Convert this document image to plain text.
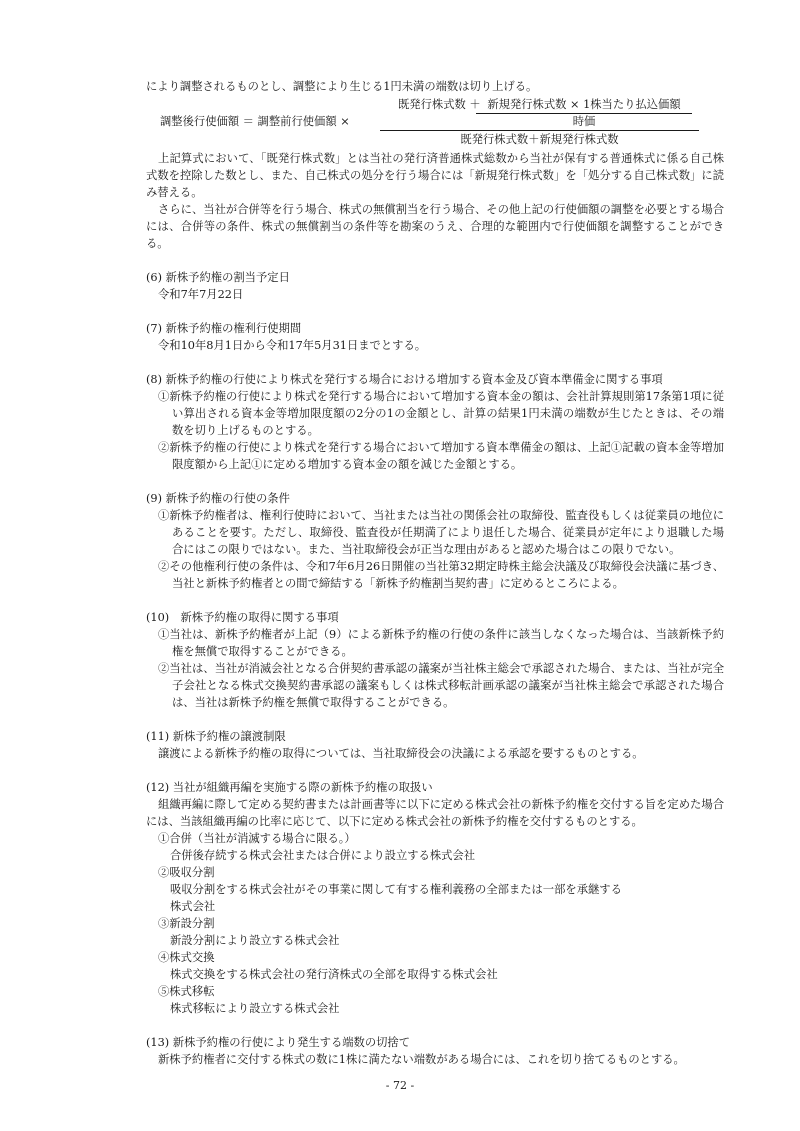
により調整されるものとし、調整により生じる1円未満の端数は切り上げる。

調整後行使価額 ＝ 調整前行使価額 ×
既発行株式数 ＋ 新規発行株式数 × 1株当たり払込価額
時価
既発行株式数＋新規発行株式数

上記算式において、「既発行株式数」とは当社の発行済普通株式総数から当社が保有する普通株式に係る自己株式数を控除した数とし、また、自己株式の処分を行う場合には「新規発行株式数」を「処分する自己株式数」に読み替える。

さらに、当社が合併等を行う場合、株式の無償割当を行う場合、その他上記の行使価額の調整を必要とする場合には、合併等の条件、株式の無償割当の条件等を勘案のうえ、合理的な範囲内で行使価額を調整することができる。

(6) 新株予約権の割当予定日

令和7年7月22日

(7) 新株予約権の権利行使期間

令和10年8月1日から令和17年5月31日までとする。

(8) 新株予約権の行使により株式を発行する場合における増加する資本金及び資本準備金に関する事項

①新株予約権の行使により株式を発行する場合において増加する資本金の額は、会社計算規則第17条第1項に従い算出される資本金等増加限度額の2分の1の金額とし、計算の結果1円未満の端数が生じたときは、その端数を切り上げるものとする。

②新株予約権の行使により株式を発行する場合において増加する資本準備金の額は、上記①記載の資本金等増加限度額から上記①に定める増加する資本金の額を減じた金額とする。

(9) 新株予約権の行使の条件

①新株予約権者は、権利行使時において、当社または当社の関係会社の取締役、監査役もしくは従業員の地位にあることを要す。ただし、取締役、監査役が任期満了により退任した場合、従業員が定年により退職した場合にはこの限りではない。また、当社取締役会が正当な理由があると認めた場合はこの限りでない。

②その他権利行使の条件は、令和7年6月26日開催の当社第32期定時株主総会決議及び取締役会決議に基づき、当社と新株予約権者との間で締結する「新株予約権割当契約書」に定めるところによる。

(10)　新株予約権の取得に関する事項

①当社は、新株予約権者が上記（9）による新株予約権の行使の条件に該当しなくなった場合は、当該新株予約権を無償で取得することができる。

②当社は、当社が消滅会社となる合併契約書承認の議案が当社株主総会で承認された場合、または、当社が完全子会社となる株式交換契約書承認の議案もしくは株式移転計画承認の議案が当社株主総会で承認された場合は、当社は新株予約権を無償で取得することができる。

(11) 新株予約権の譲渡制限

譲渡による新株予約権の取得については、当社取締役会の決議による承認を要するものとする。

(12) 当社が組織再編を実施する際の新株予約権の取扱い

組織再編に際して定める契約書または計画書等に以下に定める株式会社の新株予約権を交付する旨を定めた場合には、当該組織再編の比率に応じて、以下に定める株式会社の新株予約権を交付するものとする。

①合併（当社が消滅する場合に限る。）

合併後存続する株式会社または合併により設立する株式会社

②吸収分割

吸収分割をする株式会社がその事業に関して有する権利義務の全部または一部を承継する

株式会社

③新設分割

新設分割により設立する株式会社

④株式交換

株式交換をする株式会社の発行済株式の全部を取得する株式会社

⑤株式移転

株式移転により設立する株式会社

(13) 新株予約権の行使により発生する端数の切捨て

新株予約権者に交付する株式の数に1株に満たない端数がある場合には、これを切り捨てるものとする。

- 72 -
